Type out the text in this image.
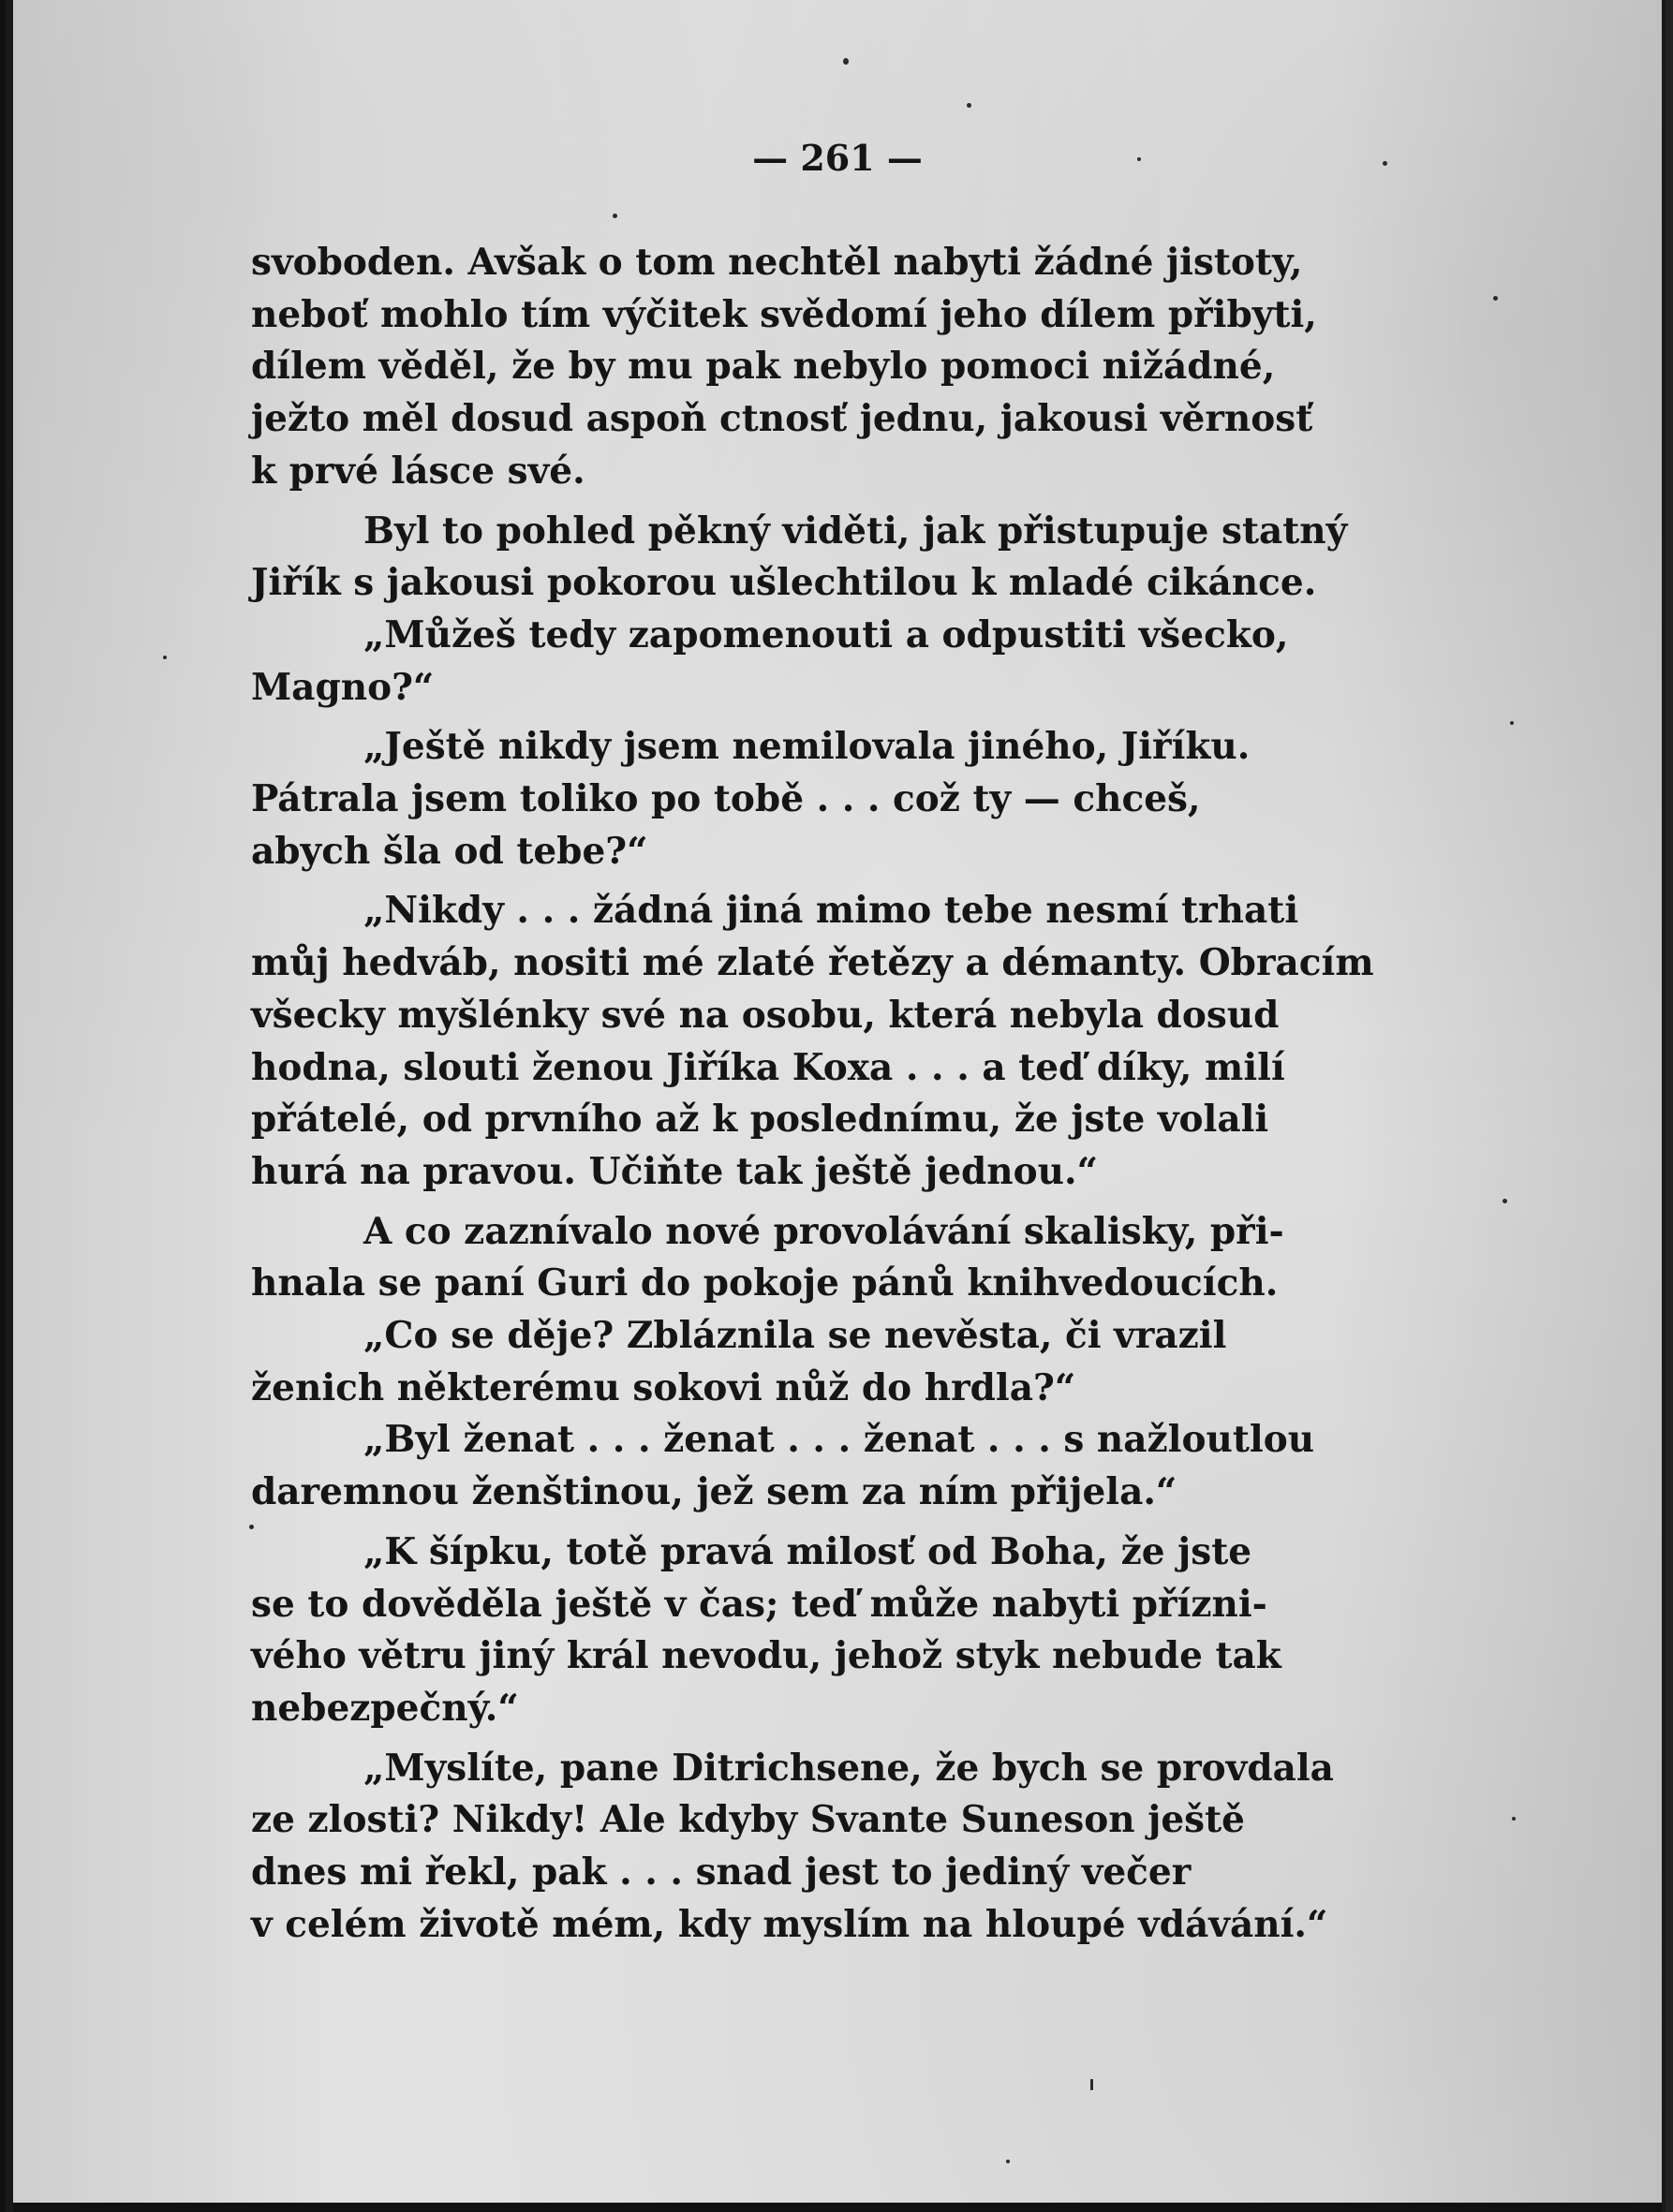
— 261 —

svoboden. Avšak o tom nechtěl nabyti žádné jistoty,
neboť mohlo tím výčitek svědomí jeho dílem přibyti,
dílem věděl, že by mu pak nebylo pomoci nižádné,
ježto měl dosud aspoň ctnosť jednu, jakousi věrnosť
k prvé lásce své.

Byl to pohled pěkný viděti, jak přistupuje statný
Jiřík s jakousi pokorou ušlechtilou k mladé cikánce.

„Můžeš tedy zapomenouti a odpustiti všecko,
Magno?“

„Ještě nikdy jsem nemilovala jiného, Jiříku.
Pátrala jsem toliko po tobě . . . což ty — chceš,
abych šla od tebe?“

„Nikdy . . . žádná jiná mimo tebe nesmí trhati
můj hedváb, nositi mé zlaté řetězy a démanty. Obracím
všecky myšlénky své na osobu, která nebyla dosud
hodna, slouti ženou Jiříka Koxa . . . a teď díky, milí
přátelé, od prvního až k poslednímu, že jste volali
hurá na pravou. Učiňte tak ještě jednou.“

A co zaznívalo nové provolávání skalisky, při-
hnala se paní Guri do pokoje pánů knihvedoucích.

„Co se děje? Zbláznila se nevěsta, či vrazil
ženich některému sokovi nůž do hrdla?“

„Byl ženat . . . ženat . . . ženat . . . s nažloutlou
daremnou ženštinou, jež sem za ním přijela.“

„K šípku, totě pravá milosť od Boha, že jste
se to dověděla ještě v čas; teď může nabyti přízni-
vého větru jiný král nevodu, jehož styk nebude tak
nebezpečný.“

„Myslíte, pane Ditrichsene, že bych se provdala
ze zlosti? Nikdy! Ale kdyby Svante Suneson ještě
dnes mi řekl, pak . . . snad jest to jediný večer
v celém životě mém, kdy myslím na hloupé vdávání.“
